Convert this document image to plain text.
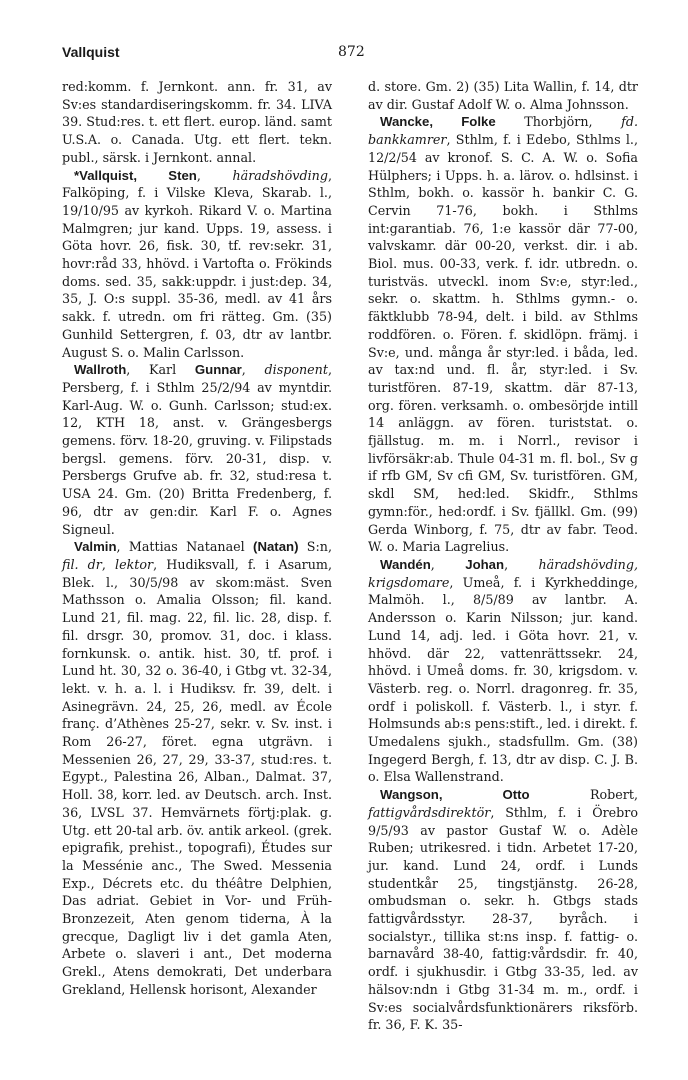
Vallquist	872

red:komm. f. Jernkont. ann. fr. 31, av Sv:es standardiseringskomm. fr. 34. LIVA 39. Stud:res. t. ett flert. europ. länd. samt U.S.A. o. Canada. Utg. ett flert. tekn. publ., särsk. i Jernkont. annal.

*Vallquist, Sten, häradshövding, Falköping, f. i Vilske Kleva, Skarab. l., 19/10/95 av kyrkoh. Rikard V. o. Martina Malmgren; jur kand. Upps. 19, assess. i Göta hovr. 26, fisk. 30, tf. rev:sekr. 31, hovr:råd 33, hhövd. i Vartofta o. Frökinds doms. sed. 35, sakk:uppdr. i just:dep. 34, 35, J. O:s suppl. 35-36, medl. av 41 års sakk. f. utredn. om fri rätteg. Gm. (35) Gunhild Settergren, f. 03, dtr av lantbr. August S. o. Malin Carlsson.

Wallroth, Karl Gunnar, disponent, Persberg, f. i Sthlm 25/2/94 av myntdir. Karl-Aug. W. o. Gunh. Carlsson; stud:ex. 12, KTH 18, anst. v. Grängesbergs gemens. förv. 18-20, gruving. v. Filipstads bergsl. gemens. förv. 20-31, disp. v. Persbergs Grufve ab. fr. 32, stud:resa t. USA 24. Gm. (20) Britta Fredenberg, f. 96, dtr av gen:dir. Karl F. o. Agnes Signeul.

Valmin, Mattias Natanael (Natan) S:n, fil. dr, lektor, Hudiksvall, f. i Asarum, Blek. l., 30/5/98 av skom:mäst. Sven Mathsson o. Amalia Olsson; fil. kand. Lund 21, fil. mag. 22, fil. lic. 28, disp. f. fil. drsgr. 30, promov. 31, doc. i klass. fornkunsk. o. antik. hist. 30, tf. prof. i Lund ht. 30, 32 o. 36-40, i Gtbg vt. 32-34, lekt. v. h. a. l. i Hudiksv. fr. 39, delt. i Asinegrävn. 24, 25, 26, medl. av École franç. d’Athènes 25-27, sekr. v. Sv. inst. i Rom 26-27, föret. egna utgrävn. i Messenien 26, 27, 29, 33-37, stud:res. t. Egypt., Palestina 26, Alban., Dalmat. 37, Holl. 38, korr. led. av Deutsch. arch. Inst. 36, LVSL 37. Hemvärnets förtj:plak. g. Utg. ett 20-tal arb. öv. antik arkeol. (grek. epigrafik, prehist., topografi), Études sur la Messénie anc., The Swed. Messenia Exp., Décrets etc. du théâtre Delphien, Das adriat. Gebiet in Vor- und Früh-Bronzezeit, Aten genom tiderna, À la grecque, Dagligt liv i det gamla Aten, Arbete o. slaveri i ant., Det moderna Grekl., Atens demokrati, Det underbara Grekland, Hellensk horisont, Alexander

d. store. Gm. 2) (35) Lita Wallin, f. 14, dtr av dir. Gustaf Adolf W. o. Alma Johnsson.

Wancke, Folke Thorbjörn, fd. bankkamrer, Sthlm, f. i Edebo, Sthlms l., 12/2/54 av kronof. S. C. A. W. o. Sofia Hülphers; i Upps. h. a. lärov. o. hdlsinst. i Sthlm, bokh. o. kassör h. bankir C. G. Cervin 71-76, bokh. i Sthlms int:garantiab. 76, 1:e kassör där 77-00, valvskamr. där 00-20, verkst. dir. i ab. Biol. mus. 00-33, verk. f. idr. utbredn. o. turistväs. utveckl. inom Sv:e, styr:led., sekr. o. skattm. h. Sthlms gymn.- o. fäktklubb 78-94, delt. i bild. av Sthlms roddfören. o. Fören. f. skidlöpn. främj. i Sv:e, und. många år styr:led. i båda, led. av tax:nd und. fl. år, styr:led. i Sv. turistfören. 87-19, skattm. där 87-13, org. fören. verksamh. o. ombesörjde intill 14 anläggn. av fören. turiststat. o. fjällstug. m. m. i Norrl., revisor i livförsäkr:ab. Thule 04-31 m. fl. bol., Sv g if rfb GM, Sv cfi GM, Sv. turistfören. GM, skdl SM, hed:led. Skidfr., Sthlms gymn:för., hed:ordf. i Sv. fjällkl. Gm. (99) Gerda Winborg, f. 75, dtr av fabr. Teod. W. o. Maria Lagrelius.

Wandén, Johan, häradshövding, krigsdomare, Umeå, f. i Kyrkheddinge, Malmöh. l., 8/5/89 av lantbr. A. Andersson o. Karin Nilsson; jur. kand. Lund 14, adj. led. i Göta hovr. 21, v. hhövd. där 22, vattenrättssekr. 24, hhövd. i Umeå doms. fr. 30, krigsdom. v. Västerb. reg. o. Norrl. dragonreg. fr. 35, ordf i poliskoll. f. Västerb. l., i styr. f. Holmsunds ab:s pens:stift., led. i direkt. f. Umedalens sjukh., stadsfullm. Gm. (38) Ingegerd Bergh, f. 13, dtr av disp. C. J. B. o. Elsa Wallenstrand.

Wangson, Otto Robert, fattigvårdsdirektör, Sthlm, f. i Örebro 9/5/93 av pastor Gustaf W. o. Adèle Ruben; utrikesred. i tidn. Arbetet 17-20, jur. kand. Lund 24, ordf. i Lunds studentkår 25, tingstjänstg. 26-28, ombudsman o. sekr. h. Gtbgs stads fattigvårdsstyr. 28-37, byråch. i socialstyr., tillika st:ns insp. f. fattig- o. barnavård 38-40, fattig:vårdsdir. fr. 40, ordf. i sjukhusdir. i Gtbg 33-35, led. av hälsov:ndn i Gtbg 31-34 m. m., ordf. i Sv:es socialvårdsfunktionärers riksförb. fr. 36, F. K. 35-
